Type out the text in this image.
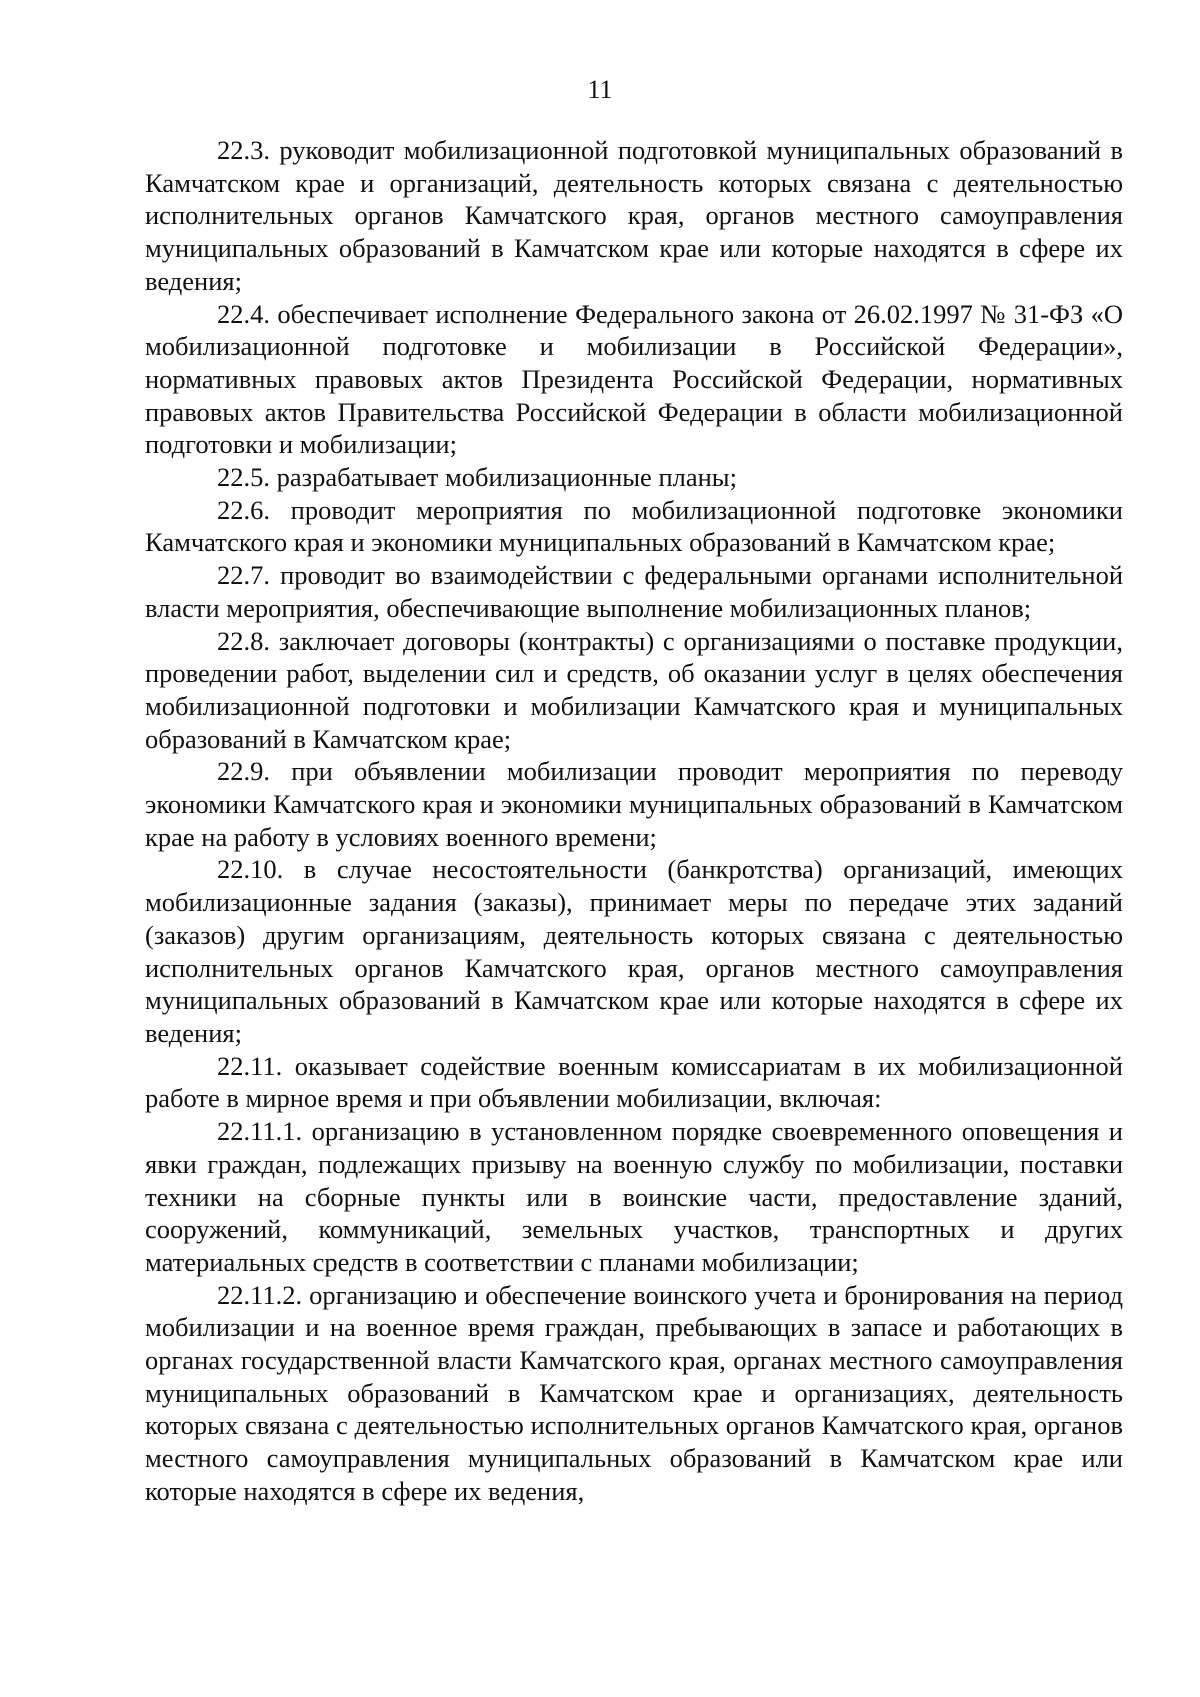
11

22.3. руководит мобилизационной подготовкой муниципальных образований в Камчатском крае и организаций, деятельность которых связана с деятельностью исполнительных органов Камчатского края, органов местного самоуправления муниципальных образований в Камчатском крае или которые находятся в сфере их ведения;

22.4. обеспечивает исполнение Федерального закона от 26.02.1997 № 31-ФЗ «О мобилизационной подготовке и мобилизации в Российской Федерации», нормативных правовых актов Президента Российской Федерации, нормативных правовых актов Правительства Российской Федерации в области мобилизационной подготовки и мобилизации;

22.5. разрабатывает мобилизационные планы;

22.6. проводит мероприятия по мобилизационной подготовке экономики Камчатского края и экономики муниципальных образований в Камчатском крае;

22.7. проводит во взаимодействии с федеральными органами исполнительной власти мероприятия, обеспечивающие выполнение мобилизационных планов;

22.8. заключает договоры (контракты) с организациями о поставке продукции, проведении работ, выделении сил и средств, об оказании услуг в целях обеспечения мобилизационной подготовки и мобилизации Камчатского края и муниципальных образований в Камчатском крае;

22.9. при объявлении мобилизации проводит мероприятия по переводу экономики Камчатского края и экономики муниципальных образований в Камчатском крае на работу в условиях военного времени;

22.10. в случае несостоятельности (банкротства) организаций, имеющих мобилизационные задания (заказы), принимает меры по передаче этих заданий (заказов) другим организациям, деятельность которых связана с деятельностью исполнительных органов Камчатского края, органов местного самоуправления муниципальных образований в Камчатском крае или которые находятся в сфере их ведения;

22.11. оказывает содействие военным комиссариатам в их мобилизационной работе в мирное время и при объявлении мобилизации, включая:

22.11.1. организацию в установленном порядке своевременного оповещения и явки граждан, подлежащих призыву на военную службу по мобилизации, поставки техники на сборные пункты или в воинские части, предоставление зданий, сооружений, коммуникаций, земельных участков, транспортных и других материальных средств в соответствии с планами мобилизации;

22.11.2. организацию и обеспечение воинского учета и бронирования на период мобилизации и на военное время граждан, пребывающих в запасе и работающих в органах государственной власти Камчатского края, органах местного самоуправления муниципальных образований в Камчатском крае и организациях, деятельность которых связана с деятельностью исполнительных органов Камчатского края, органов местного самоуправления муниципальных образований в Камчатском крае или которые находятся в сфере их ведения,
